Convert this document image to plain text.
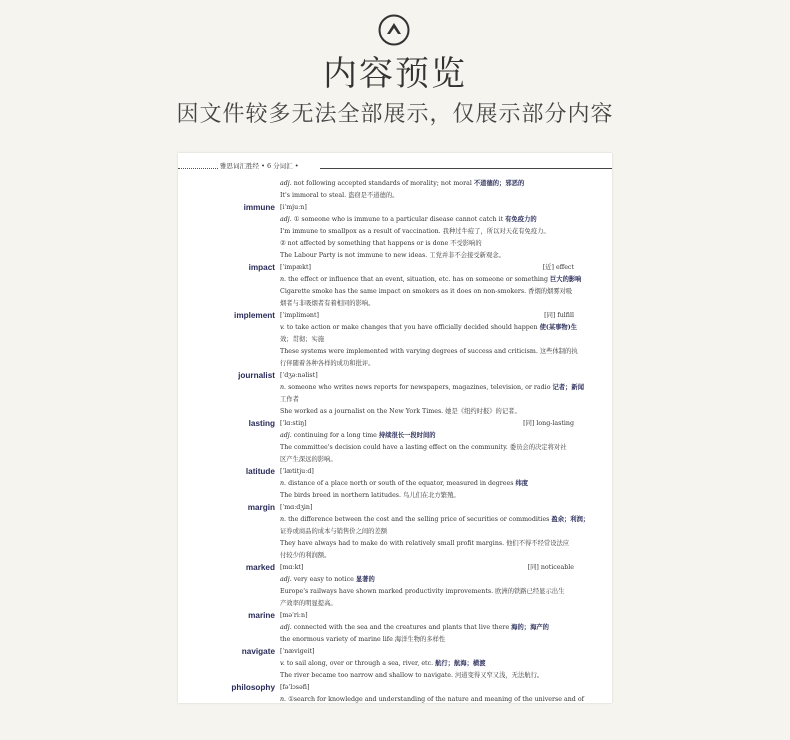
内容预览
因文件较多无法全部展示，仅展示部分内容
雅思词汇胜经 • 6 分词汇 •
adj. not following accepted standards of morality; not moral 不道德的；邪恶的
It's immoral to steal. 盗窃是不道德的。
immune [iˈmjuːn]
adj. ① someone who is immune to a particular disease cannot catch it 有免疫力的
I'm immune to smallpox as a result of vaccination. 我种过牛痘了，所以对天花有免疫力。
② not affected by something that happens or is done 不受影响的
The Labour Party is not immune to new ideas. 工党并非不会接受新观念。
impact [ˈimpækt]	[近] effect
n. the effect or influence that an event, situation, etc. has on someone or something 巨大的影响
Cigarette smoke has the same impact on smokers as it does on non-smokers. 香烟的烟雾对吸
烟者与非吸烟者有着相同的影响。
implement [ˈimplimənt]	[同] fulfill
v. to take action or make changes that you have officially decided should happen 使(某事物)生
效；贯彻；实施
These systems were implemented with varying degrees of success and criticism. 这些体制的执
行伴随着各种各样的成功和批评。
journalist [ˈdʒəːnəlist]
n. someone who writes news reports for newspapers, magazines, television, or radio 记者；新闻
工作者
She worked as a journalist on the New York Times. 她是《纽约时报》的记者。
lasting [ˈlɑːstiŋ]	[同] long-lasting
adj. continuing for a long time 持续很长一段时间的
The committee's decision could have a lasting effect on the community. 委员会的决定将对社
区产生深远的影响。
latitude [ˈlætitjuːd]
n. distance of a place north or south of the equator, measured in degrees 纬度
The birds breed in northern latitudes. 鸟儿们在北方繁殖。
margin [ˈmɑːdʒin]
n. the difference between the cost and the selling price of securities or commodities 盈余；利润；
证券或商品的成本与销售价之间的差额
They have always had to make do with relatively small profit margins. 他们不得不经常设法应
付较少的利润额。
marked [mɑːkt]	[同] noticeable
adj. very easy to notice 显著的
Europe's railways have shown marked productivity improvements. 欧洲的铁路已经显示出生
产效率的明显提高。
marine [məˈriːn]
adj. connected with the sea and the creatures and plants that live there 海的；海产的
the enormous variety of marine life 海洋生物的多样性
navigate [ˈnævigeit]
v. to sail along, over or through a sea, river, etc. 航行；航海；横渡
The river became too narrow and shallow to navigate. 河道变得又窄又浅，无法航行。
philosophy [fəˈlɔsəfi]
n. ①search for knowledge and understanding of the nature and meaning of the universe and of
